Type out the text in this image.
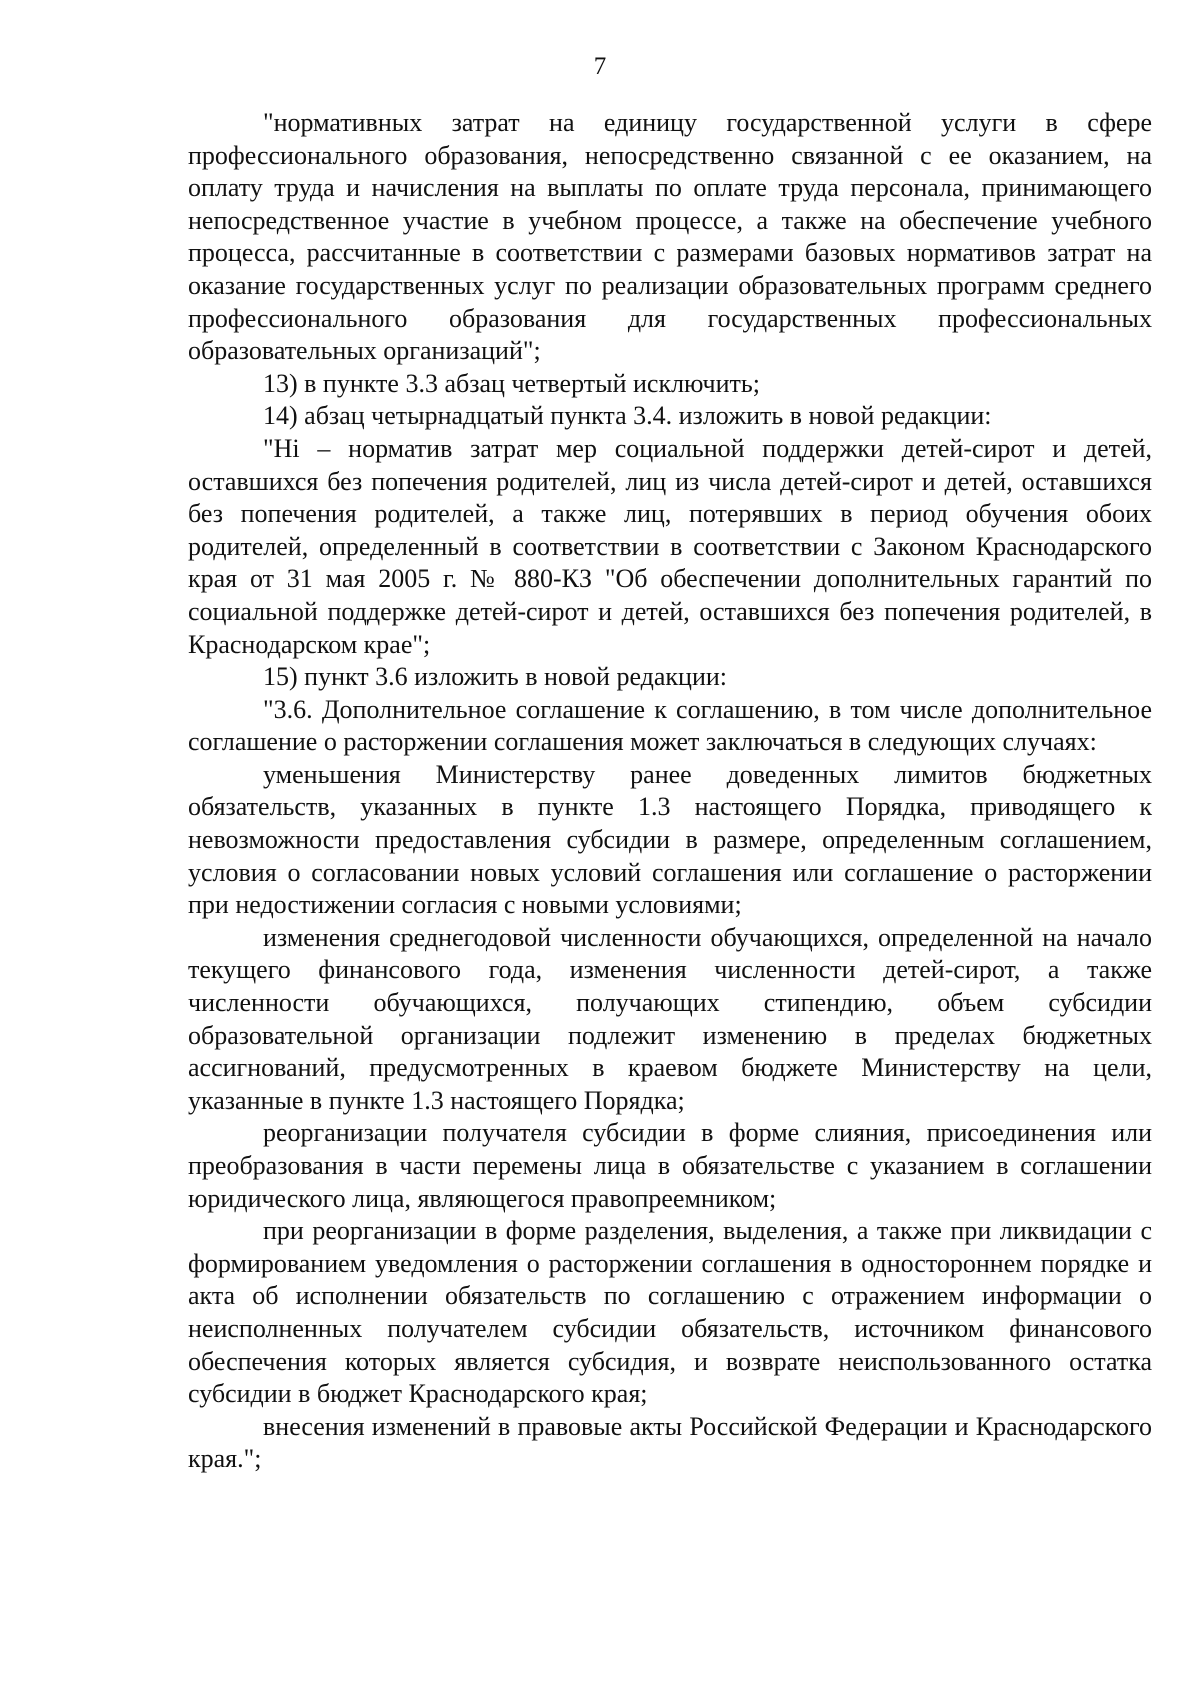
7

"нормативных затрат на единицу государственной услуги в сфере профессионального образования, непосредственно связанной с ее оказанием, на оплату труда и начисления на выплаты по оплате труда персонала, принимающего непосредственное участие в учебном процессе, а также на обеспечение учебного процесса, рассчитанные в соответствии с размерами базовых нормативов затрат на оказание государственных услуг по реализации образовательных программ среднего профессионального образования для государственных профессиональных образовательных организаций";

13) в пункте 3.3 абзац четвертый исключить;

14) абзац четырнадцатый пункта 3.4. изложить в новой редакции:

"Hi – норматив затрат мер социальной поддержки детей-сирот и детей, оставшихся без попечения родителей, лиц из числа детей-сирот и детей, оставшихся без попечения родителей, а также лиц, потерявших в период обучения обоих родителей, определенный в соответствии в соответствии с Законом Краснодарского края от 31 мая 2005 г. № 880-КЗ "Об обеспечении дополнительных гарантий по социальной поддержке детей-сирот и детей, оставшихся без попечения родителей, в Краснодарском крае";

15) пункт 3.6 изложить в новой редакции:

"3.6. Дополнительное соглашение к соглашению, в том числе дополнительное соглашение о расторжении соглашения может заключаться в следующих случаях:

уменьшения Министерству ранее доведенных лимитов бюджетных обязательств, указанных в пункте 1.3 настоящего Порядка, приводящего к невозможности предоставления субсидии в размере, определенным соглашением, условия о согласовании новых условий соглашения или соглашение о расторжении при недостижении согласия с новыми условиями;

изменения среднегодовой численности обучающихся, определенной на начало текущего финансового года, изменения численности детей-сирот, а также численности обучающихся, получающих стипендию, объем субсидии образовательной организации подлежит изменению в пределах бюджетных ассигнований, предусмотренных в краевом бюджете Министерству на цели, указанные в пункте 1.3 настоящего Порядка;

реорганизации получателя субсидии в форме слияния, присоединения или преобразования в части перемены лица в обязательстве с указанием в соглашении юридического лица, являющегося правопреемником;

при реорганизации в форме разделения, выделения, а также при ликвидации с формированием уведомления о расторжении соглашения в одностороннем порядке и акта об исполнении обязательств по соглашению с отражением информации о неисполненных получателем субсидии обязательств, источником финансового обеспечения которых является субсидия, и возврате неиспользованного остатка субсидии в бюджет Краснодарского края;

внесения изменений в правовые акты Российской Федерации и Краснодарского края.";
